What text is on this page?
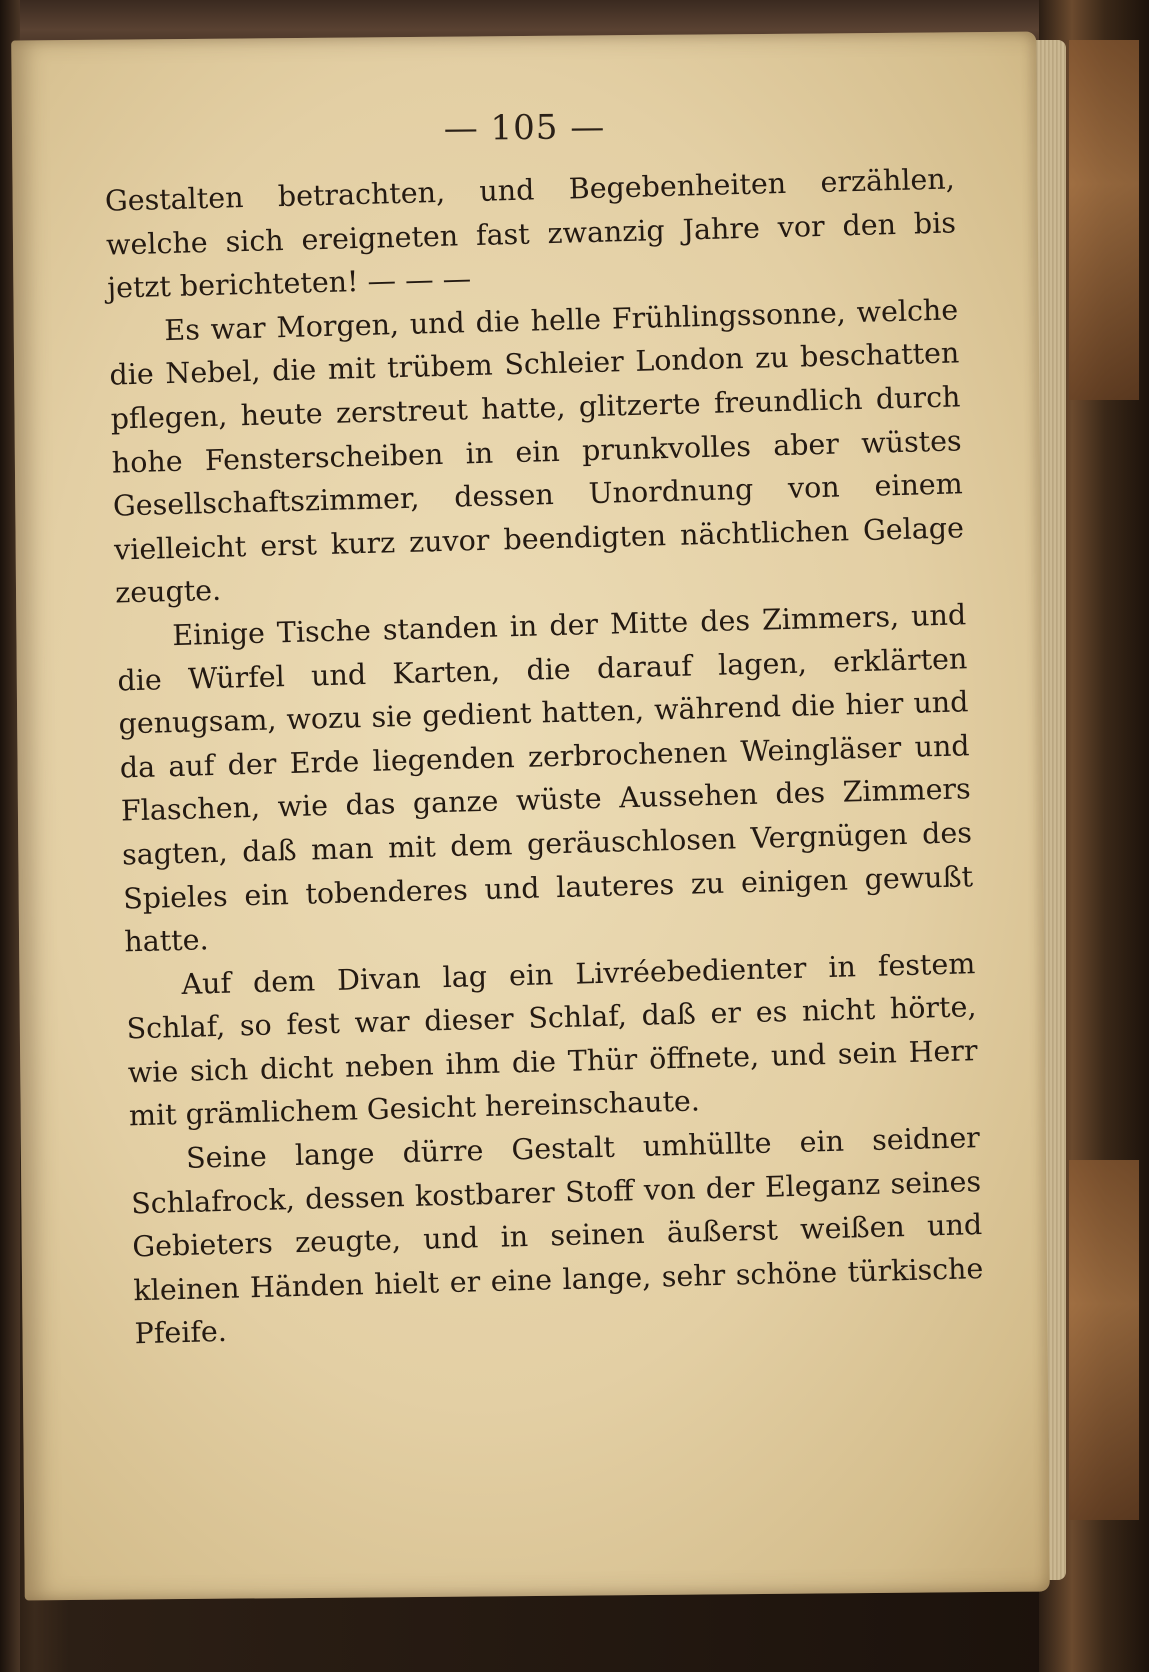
— 105 —

Gestalten betrachten, und Begebenheiten erzählen, welche sich ereigneten fast zwanzig Jahre vor den bis jetzt berichteten! — — —

Es war Morgen, und die helle Frühlingssonne, welche die Nebel, die mit trübem Schleier London zu beschatten pflegen, heute zerstreut hatte, glitzerte freundlich durch hohe Fensterscheiben in ein prunkvolles aber wüstes Gesellschaftszimmer, dessen Unordnung von einem vielleicht erst kurz zuvor beendigten nächtlichen Gelage zeugte.

Einige Tische standen in der Mitte des Zimmers, und die Würfel und Karten, die darauf lagen, erklärten genugsam, wozu sie gedient hatten, während die hier und da auf der Erde liegenden zerbrochenen Weingläser und Flaschen, wie das ganze wüste Aussehen des Zimmers sagten, daß man mit dem geräuschlosen Vergnügen des Spieles ein tobenderes und lauteres zu einigen gewußt hatte.

Auf dem Divan lag ein Livréebedienter in festem Schlaf, so fest war dieser Schlaf, daß er es nicht hörte, wie sich dicht neben ihm die Thür öffnete, und sein Herr mit grämlichem Gesicht hereinschaute.

Seine lange dürre Gestalt umhüllte ein seidner Schlafrock, dessen kostbarer Stoff von der Eleganz seines Gebieters zeugte, und in seinen äußerst weißen und kleinen Händen hielt er eine lange, sehr schöne türkische Pfeife.
